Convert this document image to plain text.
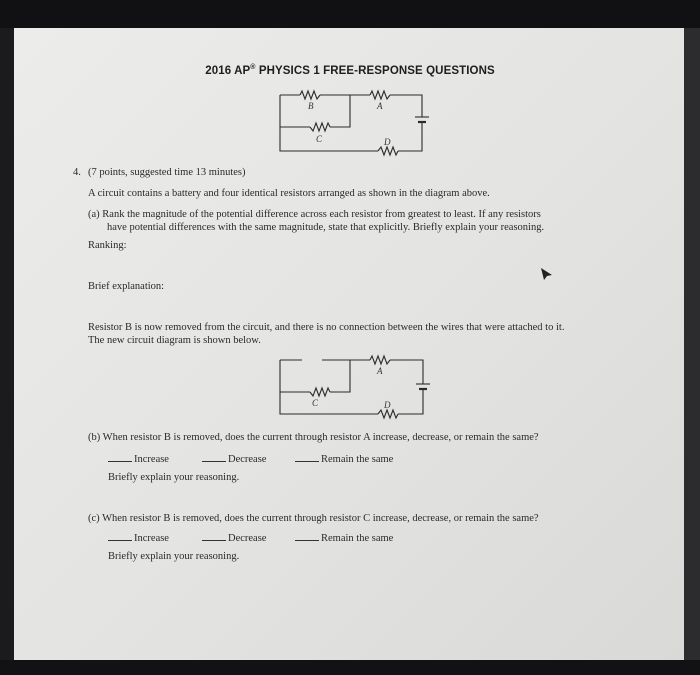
2016 AP® PHYSICS 1 FREE-RESPONSE QUESTIONS
B	A
C	D
4. (7 points, suggested time 13 minutes)
A circuit contains a battery and four identical resistors arranged as shown in the diagram above.
(a) Rank the magnitude of the potential difference across each resistor from greatest to least. If any resistors
have potential differences with the same magnitude, state that explicitly. Briefly explain your reasoning.
Ranking:
Brief explanation:
Resistor B is now removed from the circuit, and there is no connection between the wires that were attached to it.
The new circuit diagram is shown below.
A
C	D
(b) When resistor B is removed, does the current through resistor A increase, decrease, or remain the same?
Increase	Decrease	Remain the same
Briefly explain your reasoning.
(c) When resistor B is removed, does the current through resistor C increase, decrease, or remain the same?
Increase	Decrease	Remain the same
Briefly explain your reasoning.
